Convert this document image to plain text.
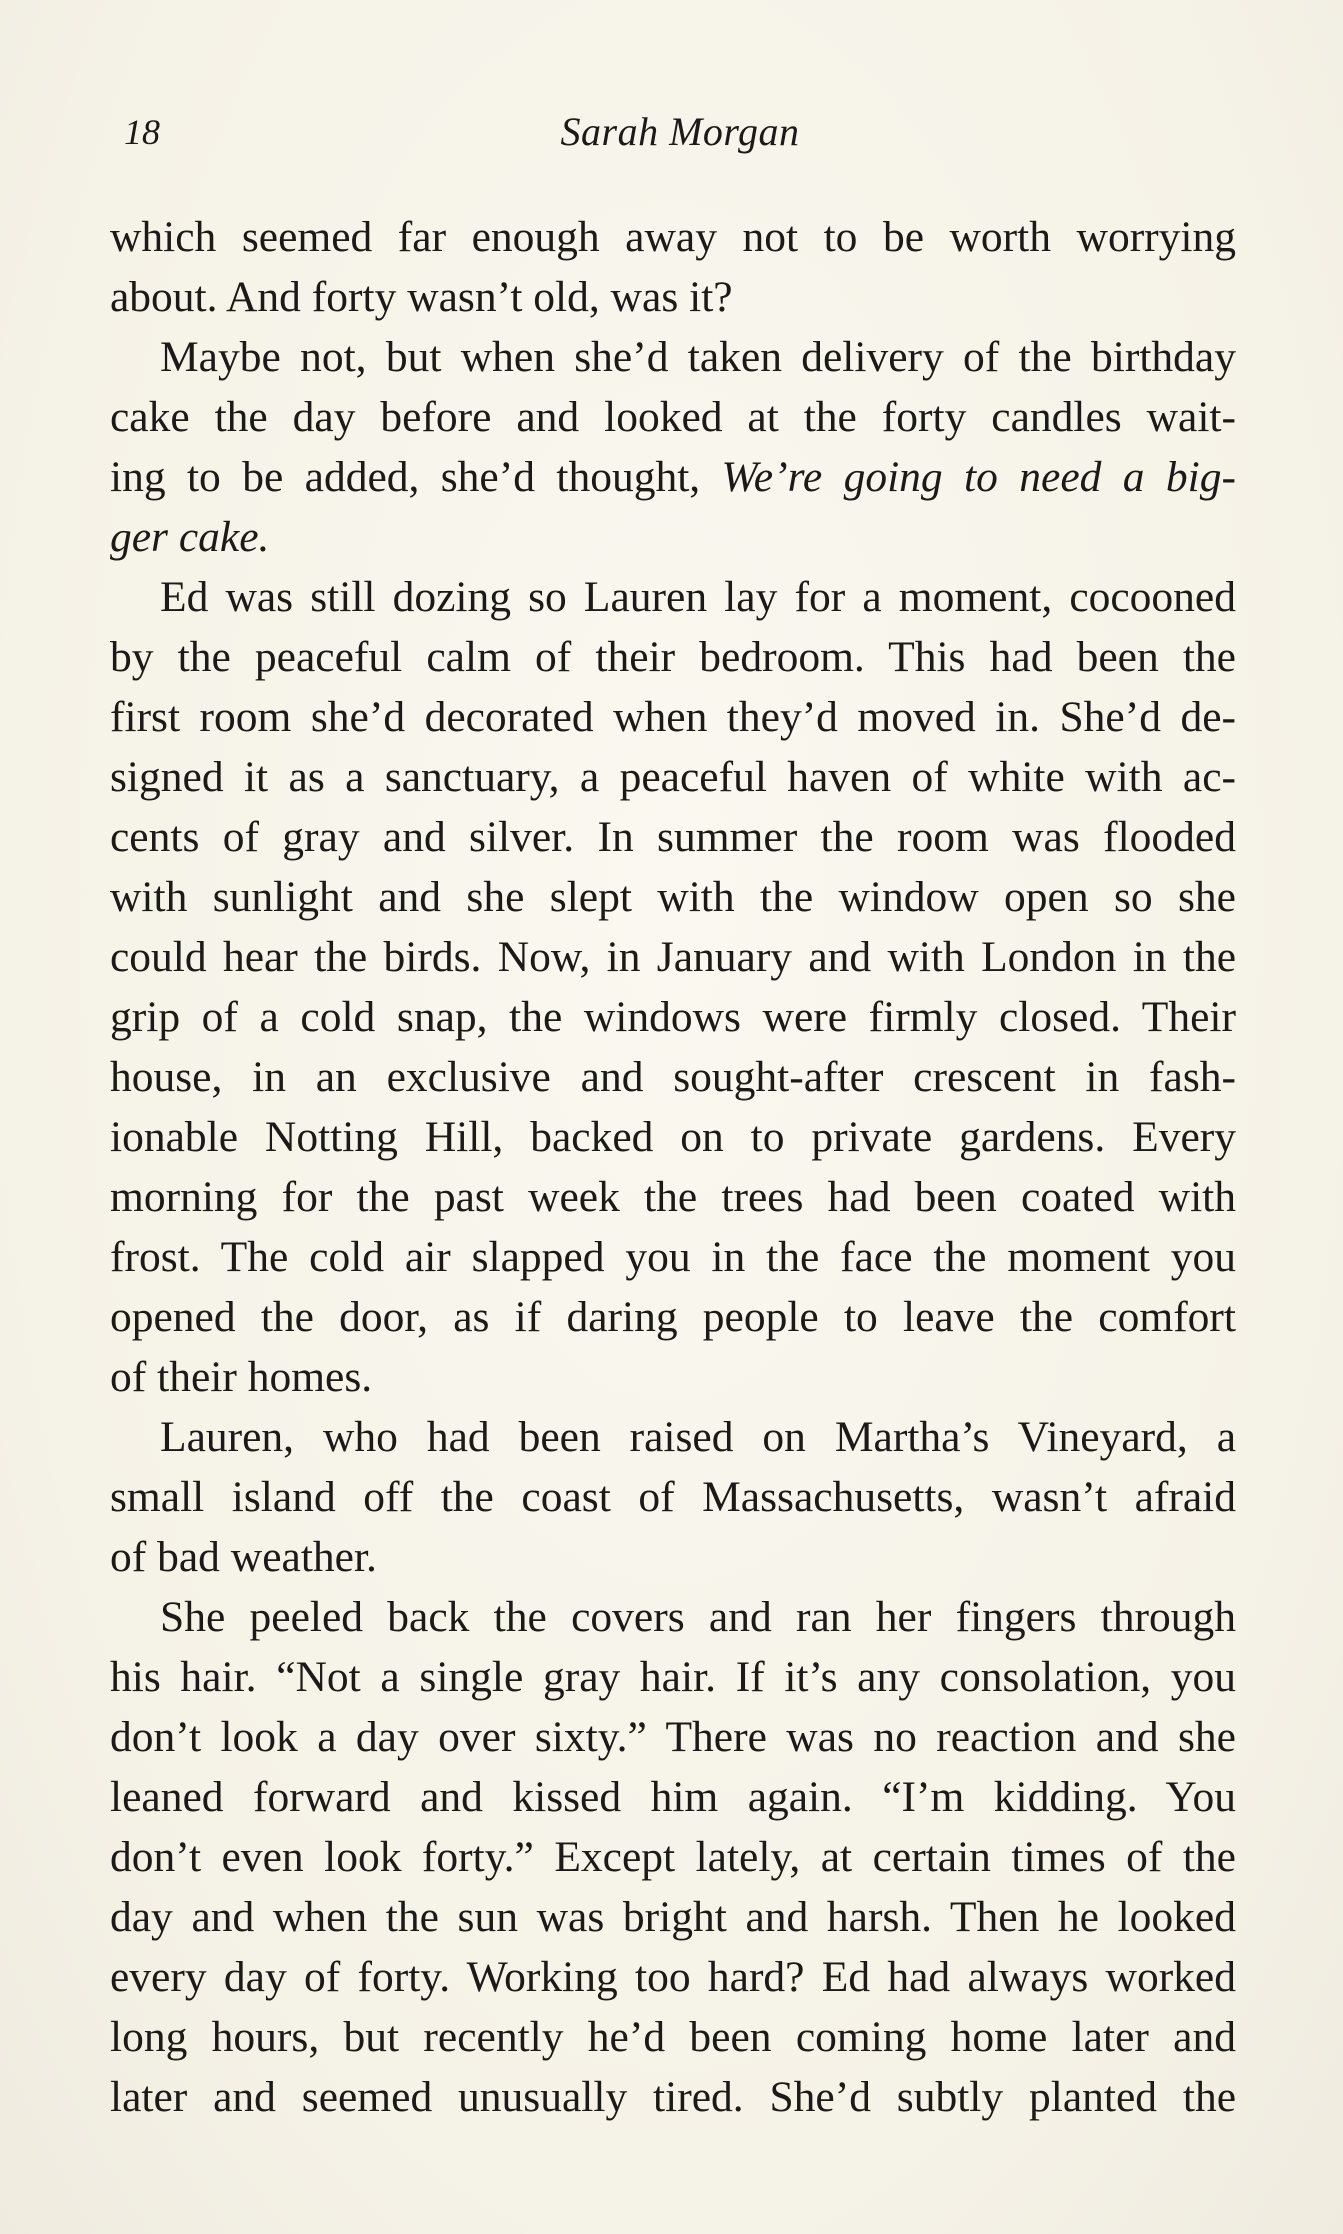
18	Sarah Morgan
which seemed far enough away not to be worth worrying
about. And forty wasn’t old, was it?
Maybe not, but when she’d taken delivery of the birthday
cake the day before and looked at the forty candles wait-
ing to be added, she’d thought, We’re going to need a big-
ger cake.
Ed was still dozing so Lauren lay for a moment, cocooned
by the peaceful calm of their bedroom. This had been the
first room she’d decorated when they’d moved in. She’d de-
signed it as a sanctuary, a peaceful haven of white with ac-
cents of gray and silver. In summer the room was flooded
with sunlight and she slept with the window open so she
could hear the birds. Now, in January and with London in the
grip of a cold snap, the windows were firmly closed. Their
house, in an exclusive and sought-after crescent in fash-
ionable Notting Hill, backed on to private gardens. Every
morning for the past week the trees had been coated with
frost. The cold air slapped you in the face the moment you
opened the door, as if daring people to leave the comfort
of their homes.
Lauren, who had been raised on Martha’s Vineyard, a
small island off the coast of Massachusetts, wasn’t afraid
of bad weather.
She peeled back the covers and ran her fingers through
his hair. “Not a single gray hair. If it’s any consolation, you
don’t look a day over sixty.” There was no reaction and she
leaned forward and kissed him again. “I’m kidding. You
don’t even look forty.” Except lately, at certain times of the
day and when the sun was bright and harsh. Then he looked
every day of forty. Working too hard? Ed had always worked
long hours, but recently he’d been coming home later and
later and seemed unusually tired. She’d subtly planted the
